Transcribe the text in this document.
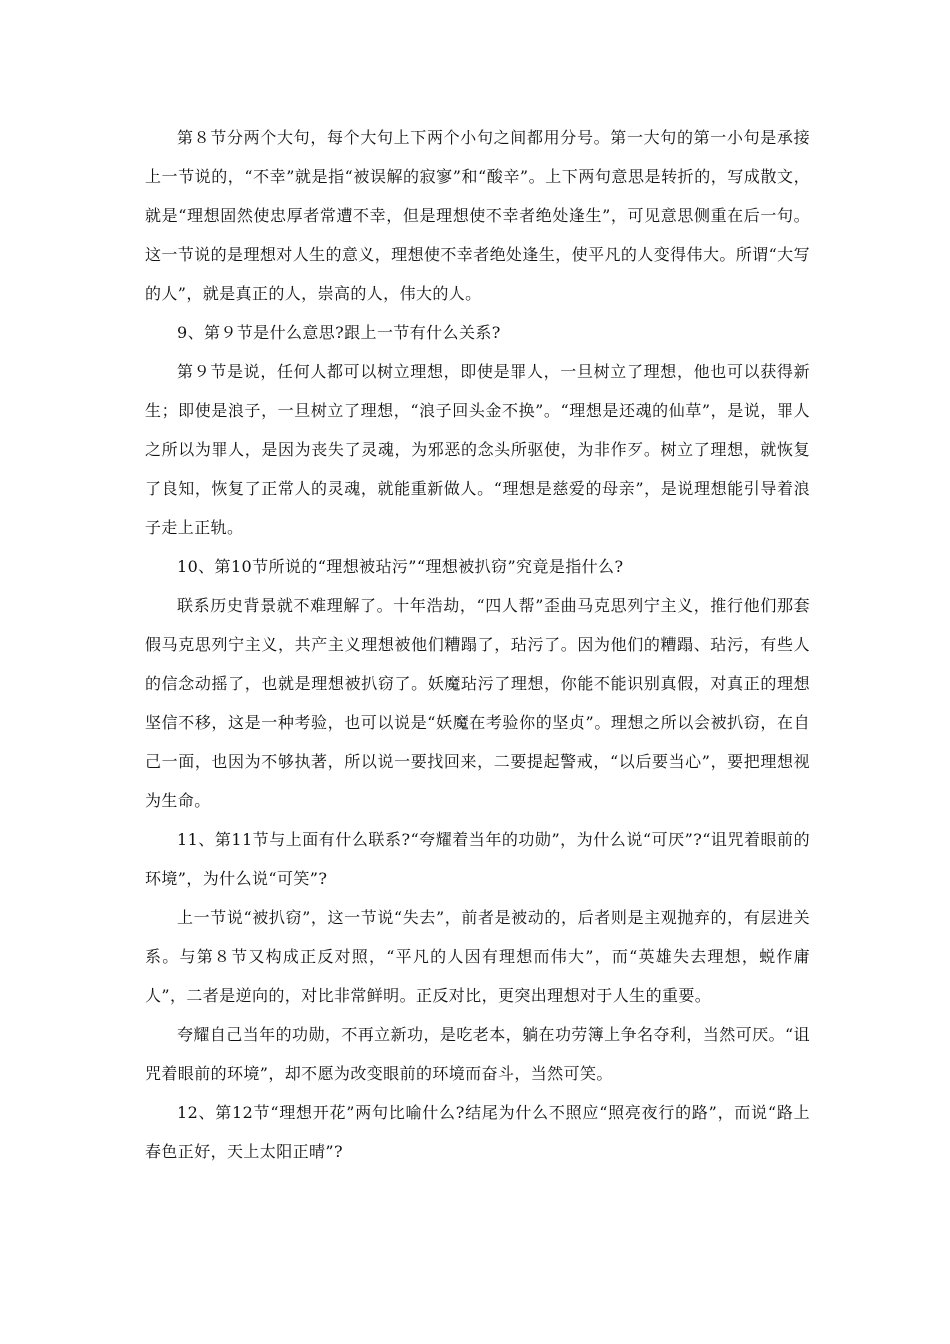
第８节分两个大句，每个大句上下两个小句之间都用分号。第一大句的第一小句是承接上一节说的，“不幸”就是指“被误解的寂寥”和“酸辛”。上下两句意思是转折的，写成散文，就是“理想固然使忠厚者常遭不幸，但是理想使不幸者绝处逢生”，可见意思侧重在后一句。这一节说的是理想对人生的意义，理想使不幸者绝处逢生，使平凡的人变得伟大。所谓“大写的人”，就是真正的人，崇高的人，伟大的人。

9、第９节是什么意思?跟上一节有什么关系?

第９节是说，任何人都可以树立理想，即使是罪人，一旦树立了理想，他也可以获得新生；即使是浪子，一旦树立了理想，“浪子回头金不换”。“理想是还魂的仙草”，是说，罪人之所以为罪人，是因为丧失了灵魂，为邪恶的念头所驱使，为非作歹。树立了理想，就恢复了良知，恢复了正常人的灵魂，就能重新做人。“理想是慈爱的母亲”，是说理想能引导着浪子走上正轨。

10、第10节所说的“理想被玷污”“理想被扒窃”究竟是指什么?

联系历史背景就不难理解了。十年浩劫，“四人帮”歪曲马克思列宁主义，推行他们那套假马克思列宁主义，共产主义理想被他们糟蹋了，玷污了。因为他们的糟蹋、玷污，有些人的信念动摇了，也就是理想被扒窃了。妖魔玷污了理想，你能不能识别真假，对真正的理想坚信不移，这是一种考验，也可以说是“妖魔在考验你的坚贞”。理想之所以会被扒窃，在自己一面，也因为不够执著，所以说一要找回来，二要提起警戒，“以后要当心”，要把理想视为生命。

11、第11节与上面有什么联系?“夸耀着当年的功勋”，为什么说“可厌”?“诅咒着眼前的环境”，为什么说“可笑”?

上一节说“被扒窃”，这一节说“失去”，前者是被动的，后者则是主观抛弃的，有层进关系。与第８节又构成正反对照，“平凡的人因有理想而伟大”，而“英雄失去理想，蜕作庸人”，二者是逆向的，对比非常鲜明。正反对比，更突出理想对于人生的重要。

夸耀自己当年的功勋，不再立新功，是吃老本，躺在功劳簿上争名夺利，当然可厌。“诅咒着眼前的环境”，却不愿为改变眼前的环境而奋斗，当然可笑。

12、第12节“理想开花”两句比喻什么?结尾为什么不照应“照亮夜行的路”，而说“路上春色正好，天上太阳正晴”?
